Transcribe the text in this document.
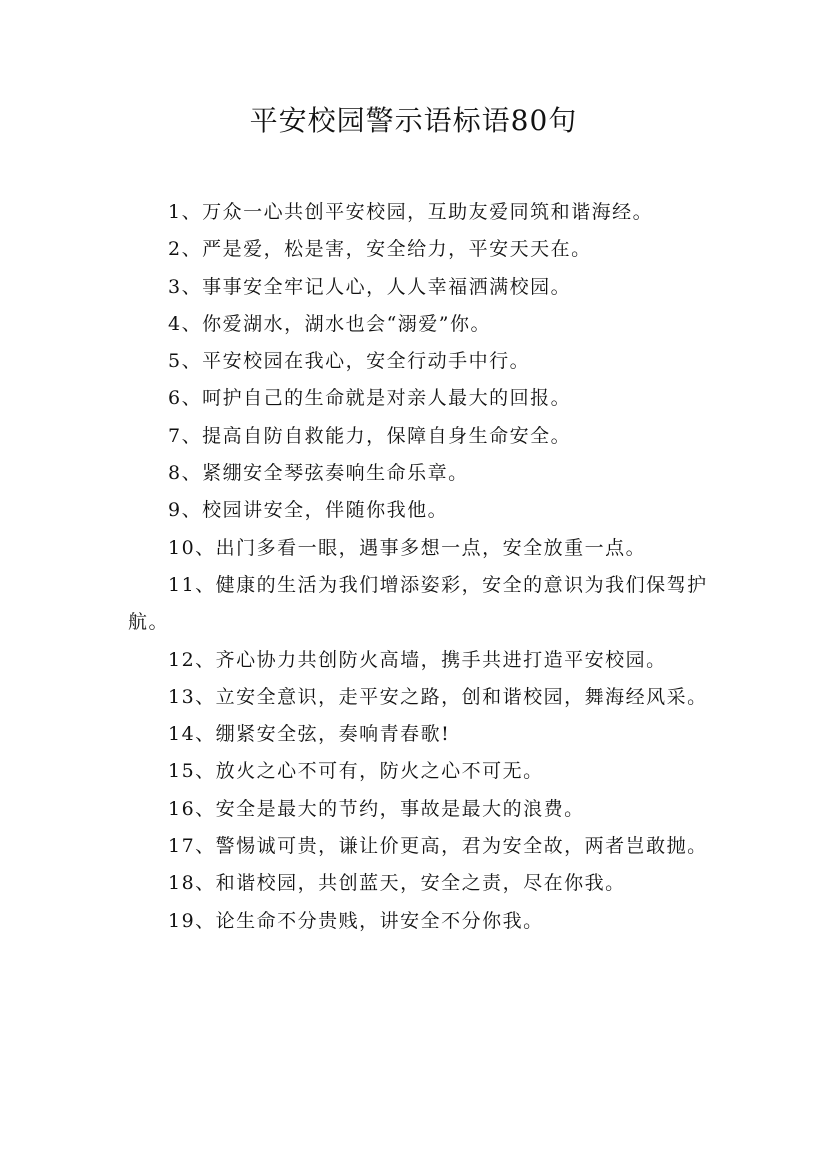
平安校园警示语标语80句

1、万众一心共创平安校园，互助友爱同筑和谐海经。

2、严是爱，松是害，安全给力，平安天天在。

3、事事安全牢记人心，人人幸福洒满校园。

4、你爱湖水，湖水也会“溺爱”你。

5、平安校园在我心，安全行动手中行。

6、呵护自己的生命就是对亲人最大的回报。

7、提高自防自救能力，保障自身生命安全。

8、紧绷安全琴弦奏响生命乐章。

9、校园讲安全，伴随你我他。

10、出门多看一眼，遇事多想一点，安全放重一点。

11、健康的生活为我们增添姿彩，安全的意识为我们保驾护航。

12、齐心协力共创防火高墙，携手共进打造平安校园。

13、立安全意识，走平安之路，创和谐校园，舞海经风采。

14、绷紧安全弦，奏响青春歌!

15、放火之心不可有，防火之心不可无。

16、安全是最大的节约，事故是最大的浪费。

17、警惕诚可贵，谦让价更高，君为安全故，两者岂敢抛。

18、和谐校园，共创蓝天，安全之责，尽在你我。

19、论生命不分贵贱，讲安全不分你我。
